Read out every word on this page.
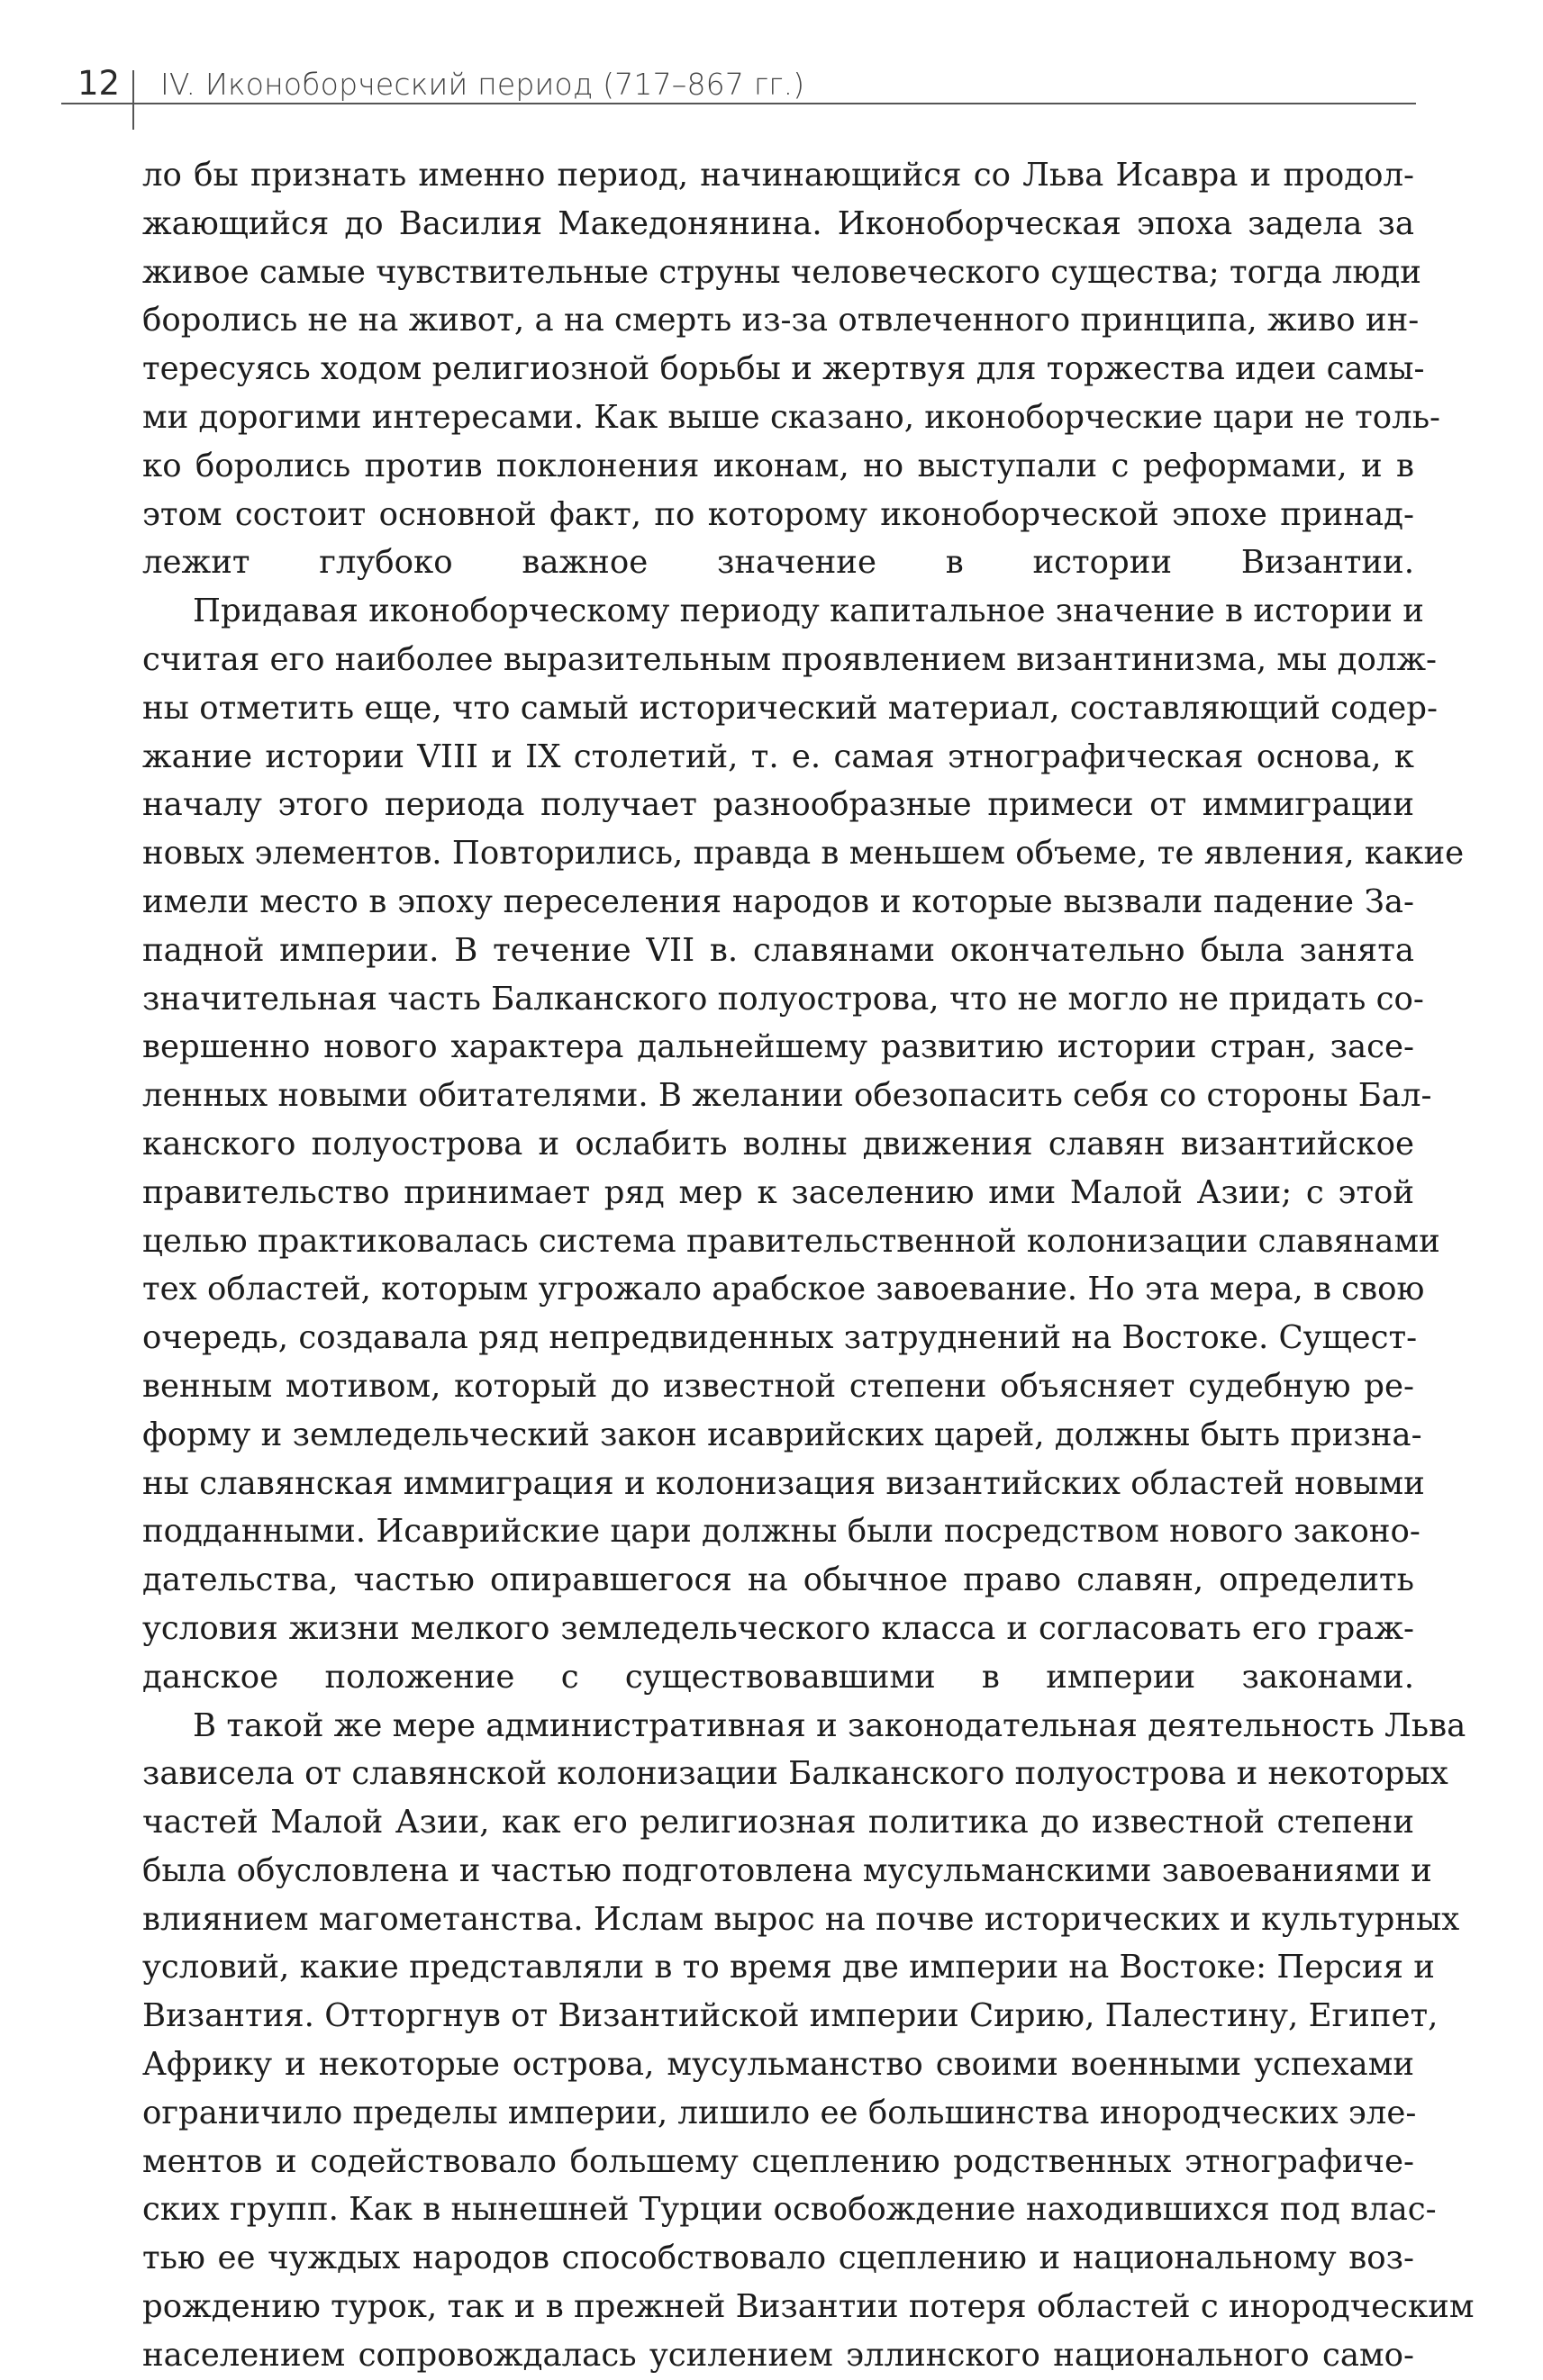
12 IV. Иконоборческий период (717–867 гг.)

ло бы признать именно период, начинающийся со Льва Исавра и продол-
жающийся до Василия Македонянина. Иконоборческая эпоха задела за
живое самые чувствительные струны человеческого существа; тогда люди
боролись не на живот, а на смерть из-за отвлеченного принципа, живо ин-
тересуясь ходом религиозной борьбы и жертвуя для торжества идеи самы-
ми дорогими интересами. Как выше сказано, иконоборческие цари не толь-
ко боролись против поклонения иконам, но выступали с реформами, и в
этом состоит основной факт, по которому иконоборческой эпохе принад-
лежит глубоко важное значение в истории Византии.

Придавая иконоборческому периоду капитальное значение в истории и
считая его наиболее выразительным проявлением византинизма, мы долж-
ны отметить еще, что самый исторический материал, составляющий содер-
жание истории VIII и IX столетий, т. е. самая этнографическая основа, к
началу этого периода получает разнообразные примеси от иммиграции
новых элементов. Повторились, правда в меньшем объеме, те явления, какие
имели место в эпоху переселения народов и которые вызвали падение За-
падной империи. В течение VII в. славянами окончательно была занята
значительная часть Балканского полуострова, что не могло не придать со-
вершенно нового характера дальнейшему развитию истории стран, засе-
ленных новыми обитателями. В желании обезопасить себя со стороны Бал-
канского полуострова и ослабить волны движения славян византийское
правительство принимает ряд мер к заселению ими Малой Азии; с этой
целью практиковалась система правительственной колонизации славянами
тех областей, которым угрожало арабское завоевание. Но эта мера, в свою
очередь, создавала ряд непредвиденных затруднений на Востоке. Сущест-
венным мотивом, который до известной степени объясняет судебную ре-
форму и земледельческий закон исаврийских царей, должны быть призна-
ны славянская иммиграция и колонизация византийских областей новыми
подданными. Исаврийские цари должны были посредством нового законо-
дательства, частью опиравшегося на обычное право славян, определить
условия жизни мелкого земледельческого класса и согласовать его граж-
данское положение с существовавшими в империи законами.

В такой же мере административная и законодательная деятельность Льва
зависела от славянской колонизации Балканского полуострова и некоторых
частей Малой Азии, как его религиозная политика до известной степени
была обусловлена и частью подготовлена мусульманскими завоеваниями и
влиянием магометанства. Ислам вырос на почве исторических и культурных
условий, какие представляли в то время две империи на Востоке: Персия и
Византия. Отторгнув от Византийской империи Сирию, Палестину, Египет,
Африку и некоторые острова, мусульманство своими военными успехами
ограничило пределы империи, лишило ее большинства инородческих эле-
ментов и содействовало большему сцеплению родственных этнографиче-
ских групп. Как в нынешней Турции освобождение находившихся под влас-
тью ее чуждых народов способствовало сцеплению и национальному воз-
рождению турок, так и в прежней Византии потеря областей с инородческим
населением сопровождалась усилением эллинского национального само-
